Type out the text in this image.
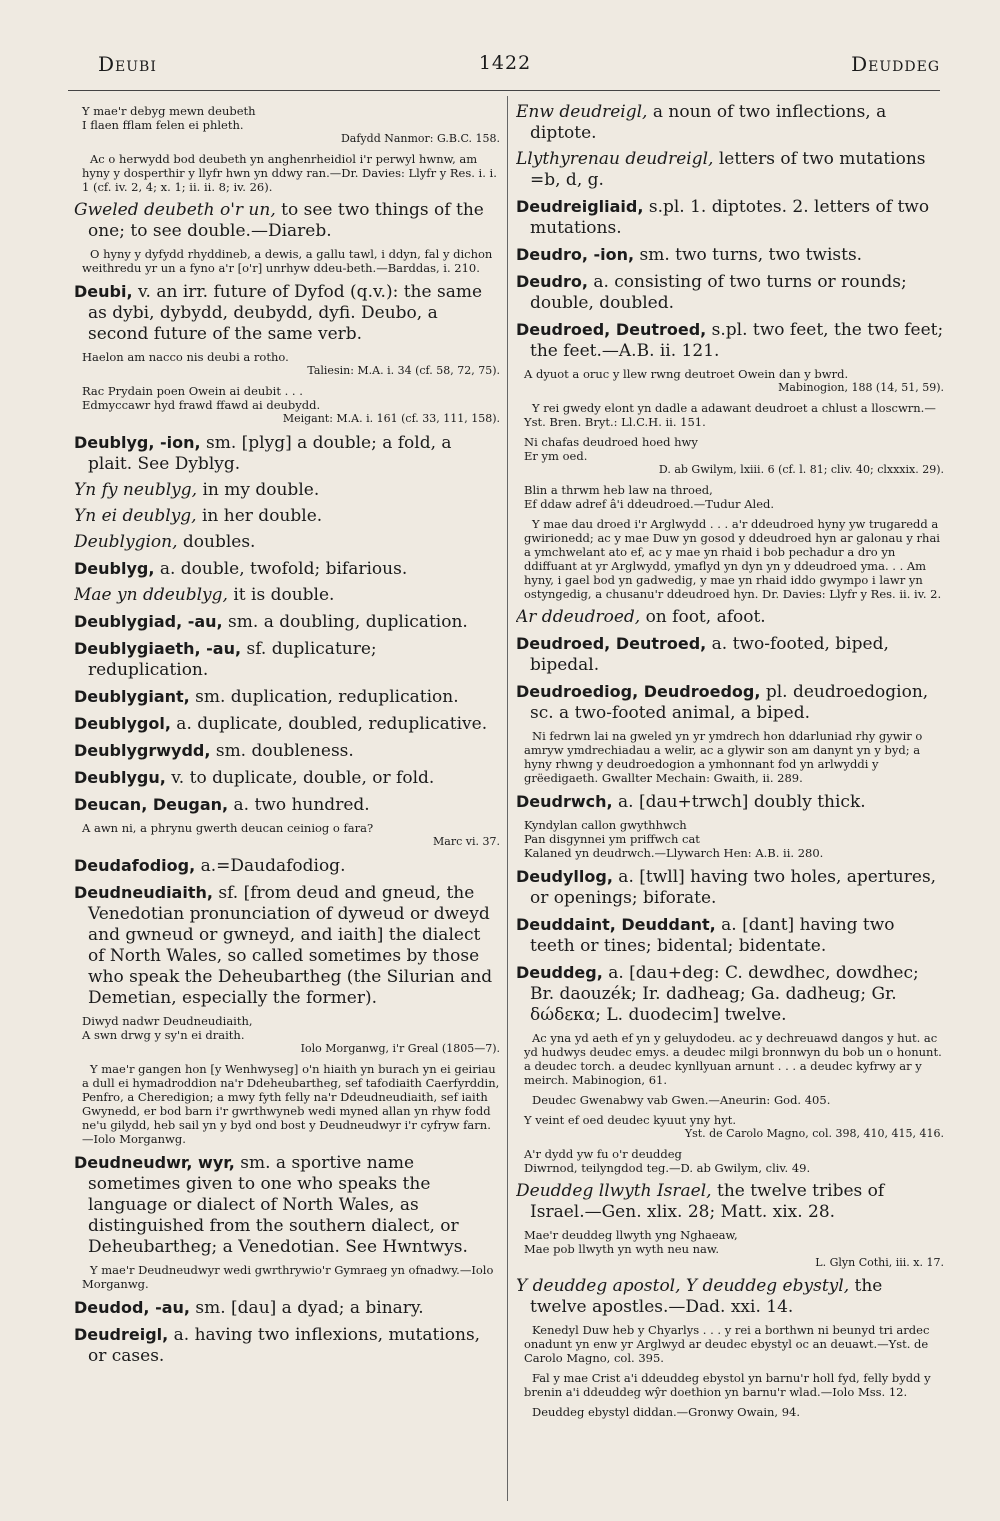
Deubi	1422	Deuddeg
Y mae'r debyg mewn deubeth
I flaen fflam felen ei phleth.
Dafydd Nanmor: G.B.C. 158.

Ac o herwydd bod deubeth yn anghenrheidiol i'r perwyl hwnw, am hyny y dosperthir y llyfr hwn yn ddwy ran.—Dr. Davies: Llyfr y Res. i. i. 1 (cf. iv. 2, 4; x. 1; ii. ii. 8; iv. 26).

Gweled deubeth o'r un, to see two things of the one; to see double.—Diareb.

O hyny y dyfydd rhyddineb, a dewis, a gallu tawl, i ddyn, fal y dichon weithredu yr un a fyno a'r [o'r] unrhyw ddeu-beth.—Barddas, i. 210.

Deubi, v. an irr. future of Dyfod (q.v.): the same as dybi, dybydd, deubydd, dyfi. Deubo, a second future of the same verb.

Haelon am nacco nis deubi a rotho.
Taliesin: M.A. i. 34 (cf. 58, 72, 75).
Rac Prydain poen Owein ai deubit . . .
Edmyccawr hyd frawd ffawd ai deubydd.
Meigant: M.A. i. 161 (cf. 33, 111, 158).

Deublyg, -ion, sm. [plyg] a double; a fold, a plait. See Dyblyg.

Yn fy neublyg, in my double.

Yn ei deublyg, in her double.

Deublygion, doubles.

Deublyg, a. double, twofold; bifarious.

Mae yn ddeublyg, it is double.

Deublygiad, -au, sm. a doubling, duplication.

Deublygiaeth, -au, sf. duplicature; reduplication.

Deublygiant, sm. duplication, reduplication.

Deublygol, a. duplicate, doubled, reduplicative.

Deublygrwydd, sm. doubleness.

Deublygu, v. to duplicate, double, or fold.

Deucan, Deugan, a. two hundred.

A awn ni, a phrynu gwerth deucan ceiniog o fara?
Marc vi. 37.

Deudafodiog, a.=Daudafodiog.

Deudneudiaith, sf. [from deud and gneud, the Venedotian pronunciation of dyweud or dweyd and gwneud or gwneyd, and iaith] the dialect of North Wales, so called sometimes by those who speak the Deheubartheg (the Silurian and Demetian, especially the former).

Diwyd nadwr Deudneudiaith,
A swn drwg y sy'n ei draith.
Iolo Morganwg, i'r Greal (1805—7).

Y mae'r gangen hon [y Wenhwyseg] o'n hiaith yn burach yn ei geiriau a dull ei hymadroddion na'r Ddeheubartheg, sef tafodiaith Caerfyrddin, Penfro, a Cheredigion; a mwy fyth felly na'r Ddeudneudiaith, sef iaith Gwynedd, er bod barn i'r gwrthwyneb wedi myned allan yn rhyw fodd ne'u gilydd, heb sail yn y byd ond bost y Deudneudwyr i'r cyfryw farn.—Iolo Morganwg.

Deudneudwr, wyr, sm. a sportive name sometimes given to one who speaks the language or dialect of North Wales, as distinguished from the southern dialect, or Deheubartheg; a Venedotian. See Hwntwys.

Y mae'r Deudneudwyr wedi gwrthrywio'r Gymraeg yn ofnadwy.—Iolo Morganwg.

Deudod, -au, sm. [dau] a dyad; a binary.

Deudreigl, a. having two inflexions, mutations, or cases.

Enw deudreigl, a noun of two inflections, a diptote.

Llythyrenau deudreigl, letters of two mutations =b, d, g.

Deudreigliaid, s.pl. 1. diptotes. 2. letters of two mutations.

Deudro, -ion, sm. two turns, two twists.

Deudro, a. consisting of two turns or rounds; double, doubled.

Deudroed, Deutroed, s.pl. two feet, the two feet; the feet.—A.B. ii. 121.

A dyuot a oruc y llew rwng deutroet Owein dan y bwrd.
Mabinogion, 188 (14, 51, 59).

Y rei gwedy elont yn dadle a adawant deudroet a chlust a lloscwrn.—Yst. Bren. Bryt.: Ll.C.H. ii. 151.

Ni chafas deudroed hoed hwy
Er ym oed.
D. ab Gwilym, lxiii. 6 (cf. l. 81; cliv. 40; clxxxix. 29).
Blin a thrwm heb law na throed,
Ef ddaw adref â'i ddeudroed.—Tudur Aled.

Y mae dau droed i'r Arglwydd . . . a'r ddeudroed hyny yw trugaredd a gwirionedd; ac y mae Duw yn gosod y ddeudroed hyn ar galonau y rhai a ymchwelant ato ef, ac y mae yn rhaid i bob pechadur a dro yn ddiffuant at yr Arglwydd, ymaflyd yn dyn yn y ddeudroed yma. . . Am hyny, i gael bod yn gadwedig, y mae yn rhaid iddo gwympo i lawr yn ostyngedig, a chusanu'r ddeudroed hyn. Dr. Davies: Llyfr y Res. ii. iv. 2.

Ar ddeudroed, on foot, afoot.

Deudroed, Deutroed, a. two-footed, biped, bipedal.

Deudroediog, Deudroedog, pl. deudroedogion, sc. a two-footed animal, a biped.

Ni fedrwn lai na gweled yn yr ymdrech hon ddarluniad rhy gywir o amryw ymdrechiadau a welir, ac a glywir son am danynt yn y byd; a hyny rhwng y deudroedogion a ymhonnant fod yn arlwyddi y grëedigaeth. Gwallter Mechain: Gwaith, ii. 289.

Deudrwch, a. [dau+trwch] doubly thick.

Kyndylan callon gwythhwch
Pan disgynnei ym priffwch cat
Kalaned yn deudrwch.—Llywarch Hen: A.B. ii. 280.

Deudyllog, a. [twll] having two holes, apertures, or openings; biforate.

Deuddaint, Deuddant, a. [dant] having two teeth or tines; bidental; bidentate.

Deuddeg, a. [dau+deg: C. dewdhec, dowdhec; Br. daouzék; Ir. dadheag; Ga. dadheug; Gr. δώδεκα; L. duodecim] twelve.

Ac yna yd aeth ef yn y geluydodeu. ac y dechreuawd dangos y hut. ac yd hudwys deudec emys. a deudec milgi bronnwyn du bob un o honunt. a deudec torch. a deudec kynllyuan arnunt . . . a deudec kyfrwy ar y meirch. Mabinogion, 61.

Deudec Gwenabwy vab Gwen.—Aneurin: God. 405.

Y veint ef oed deudec kyuut yny hyt.
Yst. de Carolo Magno, col. 398, 410, 415, 416.
A'r dydd yw fu o'r deuddeg
Diwrnod, teilyngdod teg.—D. ab Gwilym, cliv. 49.

Deuddeg llwyth Israel, the twelve tribes of Israel.—Gen. xlix. 28; Matt. xix. 28.

Mae'r deuddeg llwyth yng Nghaeaw,
Mae pob llwyth yn wyth neu naw.
L. Glyn Cothi, iii. x. 17.

Y deuddeg apostol, Y deuddeg ebystyl, the twelve apostles.—Dad. xxi. 14.

Kenedyl Duw heb y Chyarlys . . . y rei a borthwn ni beunyd tri ardec onadunt yn enw yr Arglwyd ar deudec ebystyl oc an deuawt.—Yst. de Carolo Magno, col. 395.

Fal y mae Crist a'i ddeuddeg ebystol yn barnu'r holl fyd, felly bydd y brenin a'i ddeuddeg wŷr doethion yn barnu'r wlad.—Iolo Mss. 12.

Deuddeg ebystyl diddan.—Gronwy Owain, 94.
